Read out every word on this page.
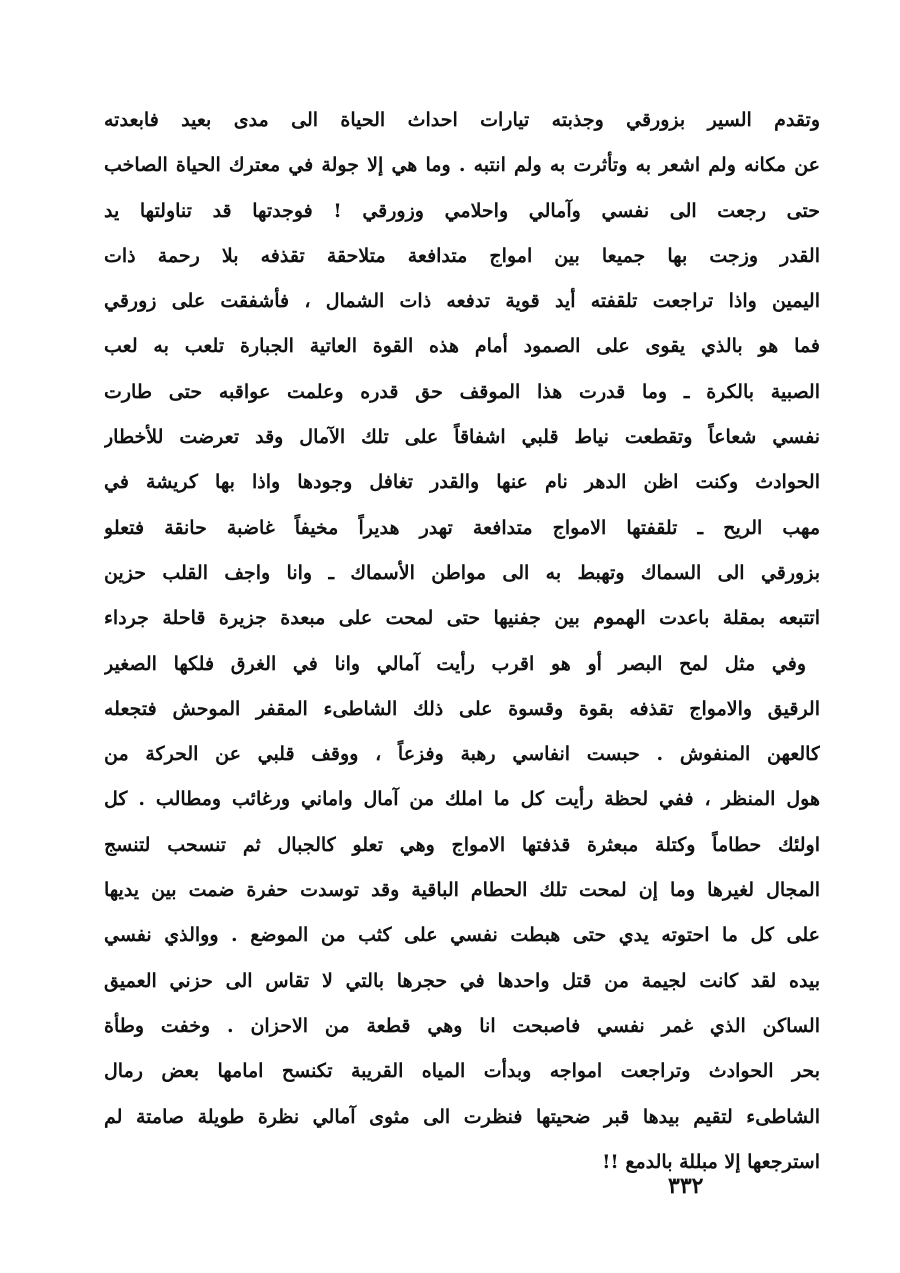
وتقدم السير بزورقي وجذبته تيارات احداث الحياة الى مدى بعيد فابعدته
عن مكانه ولم اشعر به وتأثرت به ولم انتبه . وما هي إلا جولة في معترك الحياة الصاخب
حتى رجعت الى نفسي وآمالي واحلامي وزورقي ! فوجدتها قد تناولتها يد
القدر وزجت بها جميعا بين امواج متدافعة متلاحقة تقذفه بلا رحمة ذات
اليمين واذا تراجعت تلقفته أيد قوية تدفعه ذات الشمال ، فأشفقت على زورقي
فما هو بالذي يقوى على الصمود أمام هذه القوة العاتية الجبارة تلعب به لعب
الصبية بالكرة ـ وما قدرت هذا الموقف حق قدره وعلمت عواقبه حتى طارت
نفسي شعاعاً وتقطعت نياط قلبي اشفاقاً على تلك الآمال وقد تعرضت للأخطار
الحوادث وكنت اظن الدهر نام عنها والقدر تغافل وجودها واذا بها كريشة في
مهب الريح ـ تلقفتها الامواج متدافعة تهدر هديراً مخيفاً غاضبة حانقة فتعلو
بزورقي الى السماك وتهبط به الى مواطن الأسماك ـ وانا واجف القلب حزين
اتتبعه بمقلة باعدت الهموم بين جفنيها حتى لمحت على مبعدة جزيرة قاحلة جرداء
وفي مثل لمح البصر أو هو اقرب رأيت آمالي وانا في الغرق فلكها الصغير
الرقيق والامواج تقذفه بقوة وقسوة على ذلك الشاطىء المقفر الموحش فتجعله
كالعهن المنفوش . حبست انفاسي رهبة وفزعاً ، ووقف قلبي عن الحركة من
هول المنظر ، ففي لحظة رأيت كل ما املك من آمال واماني ورغائب ومطالب . كل
اولئك حطاماً وكتلة مبعثرة قذفتها الامواج وهي تعلو كالجبال ثم تنسحب لتنسج
المجال لغيرها وما إن لمحت تلك الحطام الباقية وقد توسدت حفرة ضمت بين يديها
على كل ما احتوته يدي حتى هبطت نفسي على كثب من الموضع . ووالذي نفسي
بيده لقد كانت لجيمة من قتل واحدها في حجرها بالتي لا تقاس الى حزني العميق
الساكن الذي غمر نفسي فاصبحت انا وهي قطعة من الاحزان . وخفت وطأة
بحر الحوادث وتراجعت امواجه وبدأت المياه القريبة تكنسح امامها بعض رمال
الشاطىء لتقيم بيدها قبر ضحيتها فنظرت الى مثوى آمالي نظرة طويلة صامتة لم
استرجعها إلا مبللة بالدمع !!
٣٣٢
